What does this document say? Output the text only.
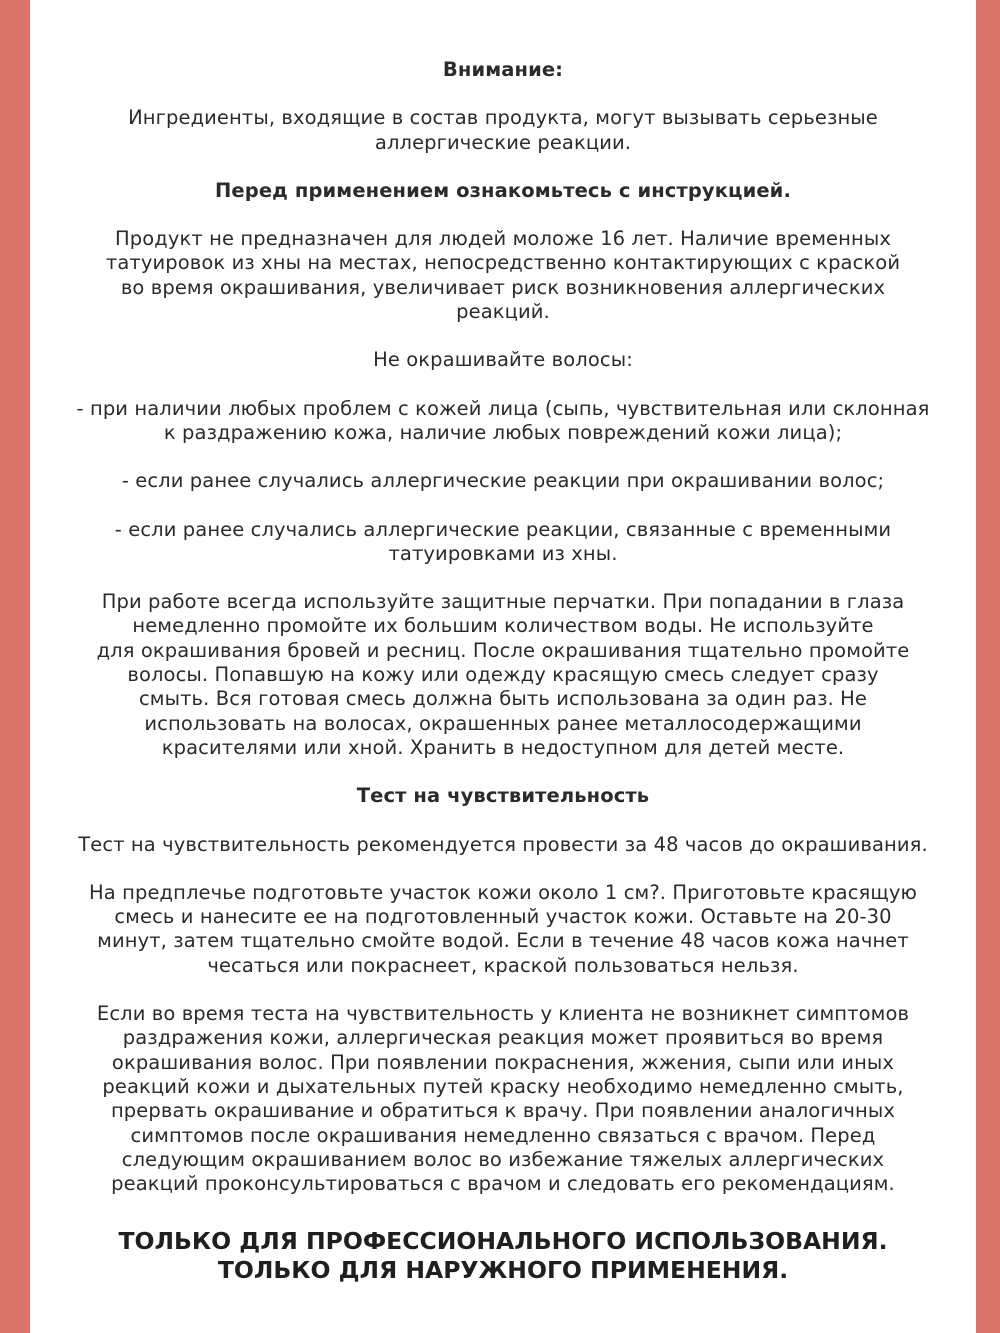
Внимание:
Ингредиенты, входящие в состав продукта, могут вызывать серьезные
аллергические реакции.
Перед применением ознакомьтесь с инструкцией.
Продукт не предназначен для людей моложе 16 лет. Наличие временных
татуировок из хны на местах, непосредственно контактирующих с краской
во время окрашивания, увеличивает риск возникновения аллергических
реакций.
Не окрашивайте волосы:
- при наличии любых проблем с кожей лица (сыпь, чувствительная или склонная
к раздражению кожа, наличие любых повреждений кожи лица);
- если ранее случались аллергические реакции при окрашивании волос;
- если ранее случались аллергические реакции, связанные с временными
татуировками из хны.
При работе всегда используйте защитные перчатки. При попадании в глаза
немедленно промойте их большим количеством воды. Не используйте
для окрашивания бровей и ресниц. После окрашивания тщательно промойте
волосы. Попавшую на кожу или одежду красящую смесь следует сразу
смыть. Вся готовая смесь должна быть использована за один раз. Не
использовать на волосах, окрашенных ранее металлосодержащими
красителями или хной. Хранить в недоступном для детей месте.
Тест на чувствительность
Тест на чувствительность рекомендуется провести за 48 часов до окрашивания.
На предплечье подготовьте участок кожи около 1 см?. Приготовьте красящую
смесь и нанесите ее на подготовленный участок кожи. Оставьте на 20-30
минут, затем тщательно смойте водой. Если в течение 48 часов кожа начнет
чесаться или покраснеет, краской пользоваться нельзя.
Если во время теста на чувствительность у клиента не возникнет симптомов
раздражения кожи, аллергическая реакция может проявиться во время
окрашивания волос. При появлении покраснения, жжения, сыпи или иных
реакций кожи и дыхательных путей краску необходимо немедленно смыть,
прервать окрашивание и обратиться к врачу. При появлении аналогичных
симптомов после окрашивания немедленно связаться с врачом. Перед
следующим окрашиванием волос во избежание тяжелых аллергических
реакций проконсультироваться с врачом и следовать его рекомендациям.
ТОЛЬКО ДЛЯ ПРОФЕССИОНАЛЬНОГО ИСПОЛЬЗОВАНИЯ.
ТОЛЬКО ДЛЯ НАРУЖНОГО ПРИМЕНЕНИЯ.
